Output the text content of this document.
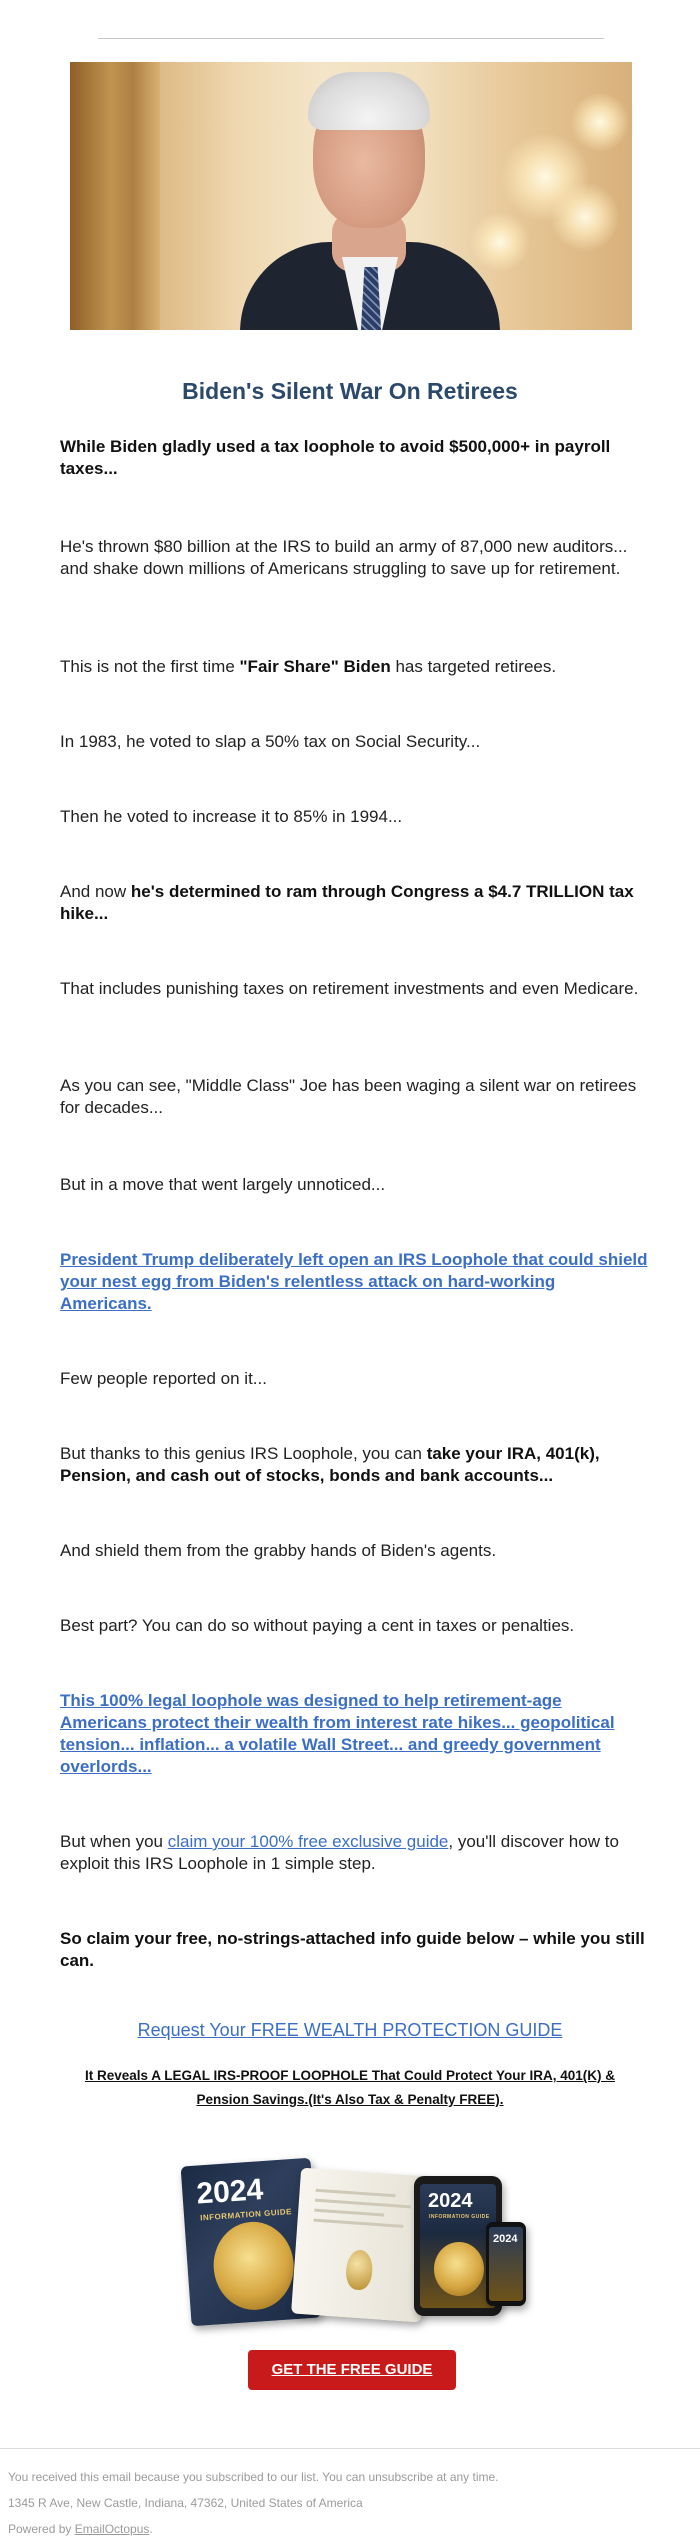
Biden's Silent War On Retirees

While Biden gladly used a tax loophole to avoid $500,000+ in payroll taxes...

He's thrown $80 billion at the IRS to build an army of 87,000 new auditors... and shake down millions of Americans struggling to save up for retirement.

This is not the first time "Fair Share" Biden has targeted retirees.

In 1983, he voted to slap a 50% tax on Social Security...

Then he voted to increase it to 85% in 1994...

And now he's determined to ram through Congress a $4.7 TRILLION tax hike...

That includes punishing taxes on retirement investments and even Medicare.

As you can see, "Middle Class" Joe has been waging a silent war on retirees for decades...

But in a move that went largely unnoticed...

President Trump deliberately left open an IRS Loophole that could shield your nest egg from Biden's relentless attack on hard-working Americans.

Few people reported on it...

But thanks to this genius IRS Loophole, you can take your IRA, 401(k), Pension, and cash out of stocks, bonds and bank accounts...

And shield them from the grabby hands of Biden's agents.

Best part? You can do so without paying a cent in taxes or penalties.

This 100% legal loophole was designed to help retirement-age Americans protect their wealth from interest rate hikes... geopolitical tension... inflation... a volatile Wall Street... and greedy government overlords...

But when you claim your 100% free exclusive guide, you'll discover how to exploit this IRS Loophole in 1 simple step.

So claim your free, no-strings-attached info guide below – while you still can.

Request Your FREE WEALTH PROTECTION GUIDE
It Reveals A LEGAL IRS-PROOF LOOPHOLE That Could Protect Your IRA, 401(K) & Pension Savings.(It's Also Tax & Penalty FREE).
2024
INFORMATION GUIDE
2024
INFORMATION GUIDE
2024
GET THE FREE GUIDE

You received this email because you subscribed to our list. You can unsubscribe at any time.

1345 R Ave, New Castle, Indiana, 47362, United States of America

Powered by EmailOctopus.
